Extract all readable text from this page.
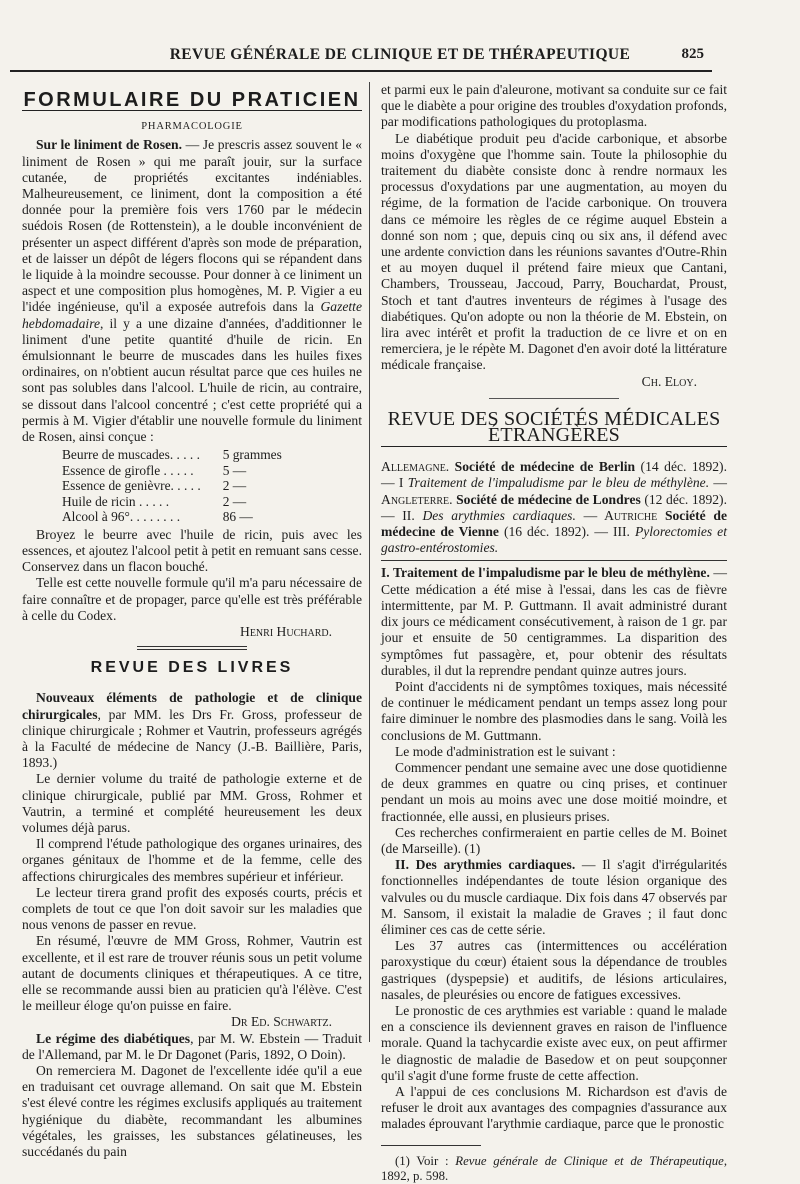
REVUE GÉNÉRALE DE CLINIQUE ET DE THÉRAPEUTIQUE	825
FORMULAIRE DU PRATICIEN
PHARMACOLOGIE

Sur le liniment de Rosen. — Je prescris assez souvent le « liniment de Rosen » qui me paraît jouir, sur la surface cutanée, de propriétés excitantes indéniables. Malheureusement, ce liniment, dont la composition a été donnée pour la première fois vers 1760 par le médecin suédois Rosen (de Rottenstein), a le double inconvénient de présenter un aspect différent d'après son mode de préparation, et de laisser un dépôt de légers flocons qui se répandent dans le liquide à la moindre secousse. Pour donner à ce liniment un aspect et une composition plus homogènes, M. P. Vigier a eu l'idée ingénieuse, qu'il a exposée autrefois dans la Gazette hebdomadaire, il y a une dizaine d'années, d'additionner le liniment d'une petite quantité d'huile de ricin. En émulsionnant le beurre de muscades dans les huiles fixes ordinaires, on n'obtient aucun résultat parce que ces huiles ne sont pas solubles dans l'alcool. L'huile de ricin, au contraire, se dissout dans l'alcool concentré ; c'est cette propriété qui a permis à M. Vigier d'établir une nouvelle formule du liniment de Rosen, ainsi conçue :

Beurre de muscades. . . . .	5 grammes
Essence de girofle . . . . .	5 —
Essence de genièvre. . . . .	2 —
Huile de ricin . . . . .	2 —
Alcool à 96°. . . . . . . .	86 —

Broyez le beurre avec l'huile de ricin, puis avec les essences, et ajoutez l'alcool petit à petit en remuant sans cesse. Conservez dans un flacon bouché.

Telle est cette nouvelle formule qu'il m'a paru nécessaire de faire connaître et de propager, parce qu'elle est très préférable à celle du Codex.

Henri Huchard.

REVUE DES LIVRES

Nouveaux éléments de pathologie et de clinique chirurgicales, par MM. les Drs Fr. Gross, professeur de clinique chirurgicale ; Rohmer et Vautrin, professeurs agrégés à la Faculté de médecine de Nancy (J.-B. Baillière, Paris, 1893.)

Le dernier volume du traité de pathologie externe et de clinique chirurgicale, publié par MM. Gross, Rohmer et Vautrin, a terminé et complété heureusement les deux volumes déjà parus.

Il comprend l'étude pathologique des organes urinaires, des organes génitaux de l'homme et de la femme, celle des affections chirurgicales des membres supérieur et inférieur.

Le lecteur tirera grand profit des exposés courts, précis et complets de tout ce que l'on doit savoir sur les maladies que nous venons de passer en revue.

En résumé, l'œuvre de MM Gross, Rohmer, Vautrin est excellente, et il est rare de trouver réunis sous un petit volume autant de documents cliniques et thérapeutiques. A ce titre, elle se recommande aussi bien au praticien qu'à l'élève. C'est le meilleur éloge qu'on puisse en faire.

Dr Ed. Schwartz.

Le régime des diabétiques, par M. W. Ebstein — Traduit de l'Allemand, par M. le Dr Dagonet (Paris, 1892, O Doin).

On remerciera M. Dagonet de l'excellente idée qu'il a eue en traduisant cet ouvrage allemand. On sait que M. Ebstein s'est élevé contre les régimes exclusifs appliqués au traitement hygiénique du diabète, recommandant les albumines végétales, les graisses, les substances gélatineuses, les succédanés du pain

et parmi eux le pain d'aleurone, motivant sa conduite sur ce fait que le diabète a pour origine des troubles d'oxydation profonds, par modifications pathologiques du protoplasma.

Le diabétique produit peu d'acide carbonique, et absorbe moins d'oxygène que l'homme sain. Toute la philosophie du traitement du diabète consiste donc à rendre normaux les processus d'oxydations par une augmentation, au moyen du régime, de la formation de l'acide carbonique. On trouvera dans ce mémoire les règles de ce régime auquel Ebstein a donné son nom ; que, depuis cinq ou six ans, il défend avec une ardente conviction dans les réunions savantes d'Outre-Rhin et au moyen duquel il prétend faire mieux que Cantani, Chambers, Trousseau, Jaccoud, Parry, Bouchardat, Proust, Stoch et tant d'autres inventeurs de régimes à l'usage des diabétiques. Qu'on adopte ou non la théorie de M. Ebstein, on lira avec intérêt et profit la traduction de ce livre et on en remerciera, je le répète M. Dagonet d'en avoir doté la littérature médicale française.

Ch. Eloy.

REVUE DES SOCIÉTÉS MÉDICALES ÉTRANGÈRES

Allemagne. Société de médecine de Berlin (14 déc. 1892). — I Traitement de l'impaludisme par le bleu de méthylène. — Angleterre. Société de médecine de Londres (12 déc. 1892). — II. Des arythmies cardiaques. — Autriche Société de médecine de Vienne (16 déc. 1892). — III. Pylorectomies et gastro-entérostomies.

I. Traitement de l'impaludisme par le bleu de méthylène. — Cette médication a été mise à l'essai, dans les cas de fièvre intermittente, par M. P. Guttmann. Il avait administré durant dix jours ce médicament consécutivement, à raison de 1 gr. par jour et ensuite de 50 centigrammes. La disparition des symptômes fut passagère, et, pour obtenir des résultats durables, il dut la reprendre pendant quinze autres jours.

Point d'accidents ni de symptômes toxiques, mais nécessité de continuer le médicament pendant un temps assez long pour faire diminuer le nombre des plasmodies dans le sang. Voilà les conclusions de M. Guttmann.

Le mode d'administration est le suivant :

Commencer pendant une semaine avec une dose quotidienne de deux grammes en quatre ou cinq prises, et continuer pendant un mois au moins avec une dose moitié moindre, et fractionnée, elle aussi, en plusieurs prises.

Ces recherches confirmeraient en partie celles de M. Boinet (de Marseille). (1)

II. Des arythmies cardiaques. — Il s'agit d'irrégularités fonctionnelles indépendantes de toute lésion organique des valvules ou du muscle cardiaque. Dix fois dans 47 observés par M. Sansom, il existait la maladie de Graves ; il faut donc éliminer ces cas de cette série.

Les 37 autres cas (intermittences ou accélération paroxystique du cœur) étaient sous la dépendance de troubles gastriques (dyspepsie) et auditifs, de lésions articulaires, nasales, de pleurésies ou encore de fatigues excessives.

Le pronostic de ces arythmies est variable : quand le malade en a conscience ils deviennent graves en raison de l'influence morale. Quand la tachycardie existe avec eux, on peut affirmer le diagnostic de maladie de Basedow et on peut soupçonner qu'il s'agit d'une forme fruste de cette affection.

A l'appui de ces conclusions M. Richardson est d'avis de refuser le droit aux avantages des compagnies d'assurance aux malades éprouvant l'arythmie cardiaque, parce que le pronostic

(1) Voir : Revue générale de Clinique et de Thérapeutique, 1892, p. 598.
